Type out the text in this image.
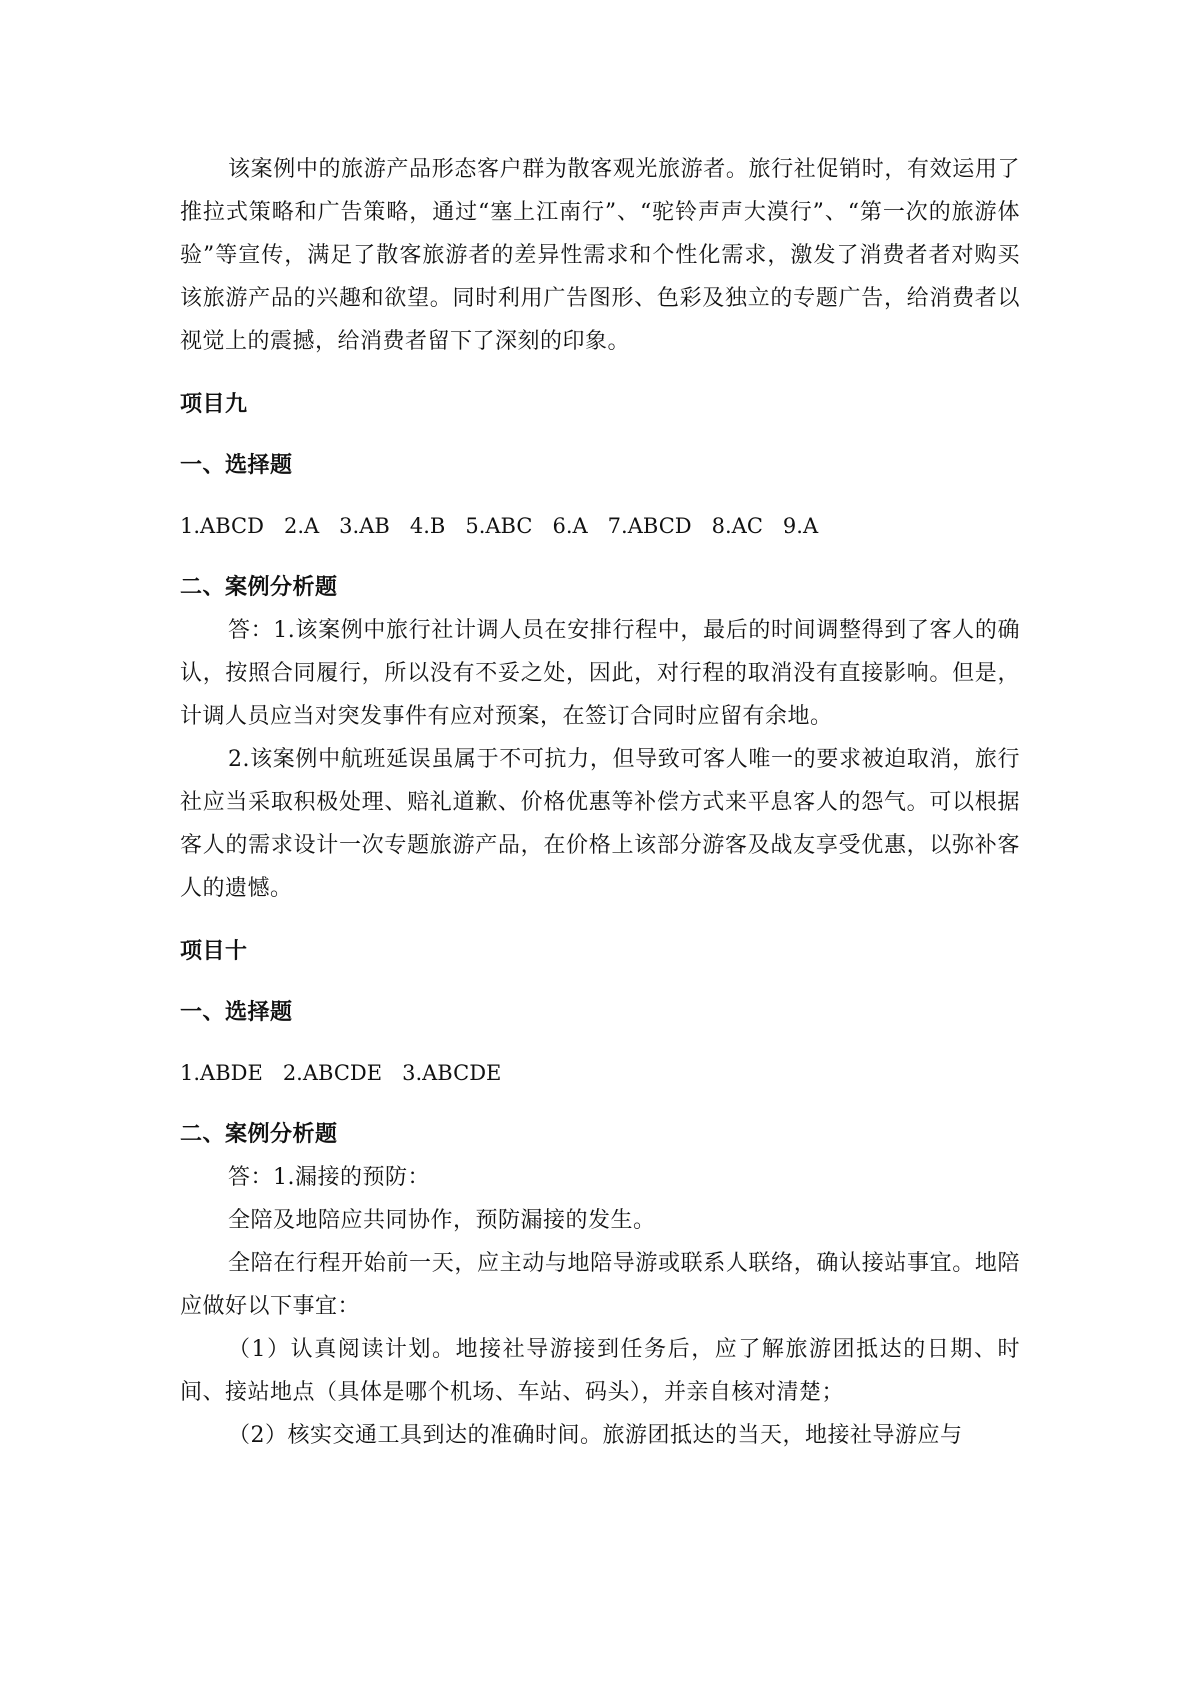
该案例中的旅游产品形态客户群为散客观光旅游者。旅行社促销时，有效运用了推拉式策略和广告策略，通过“塞上江南行”、“驼铃声声大漠行”、“第一次的旅游体验”等宣传，满足了散客旅游者的差异性需求和个性化需求，激发了消费者者对购买该旅游产品的兴趣和欲望。同时利用广告图形、色彩及独立的专题广告，给消费者以视觉上的震撼，给消费者留下了深刻的印象。

项目九

一、选择题

1.ABCD   2.A   3.AB   4.B   5.ABC   6.A   7.ABCD   8.AC   9.A

二、案例分析题

答：1.该案例中旅行社计调人员在安排行程中，最后的时间调整得到了客人的确认，按照合同履行，所以没有不妥之处，因此，对行程的取消没有直接影响。但是，计调人员应当对突发事件有应对预案，在签订合同时应留有余地。

2.该案例中航班延误虽属于不可抗力，但导致可客人唯一的要求被迫取消，旅行社应当采取积极处理、赔礼道歉、价格优惠等补偿方式来平息客人的怨气。可以根据客人的需求设计一次专题旅游产品，在价格上该部分游客及战友享受优惠，以弥补客人的遗憾。

项目十

一、选择题

1.ABDE   2.ABCDE   3.ABCDE

二、案例分析题

答：1.漏接的预防：

全陪及地陪应共同协作，预防漏接的发生。

全陪在行程开始前一天，应主动与地陪导游或联系人联络，确认接站事宜。地陪应做好以下事宜：

（1）认真阅读计划。地接社导游接到任务后，应了解旅游团抵达的日期、时间、接站地点（具体是哪个机场、车站、码头），并亲自核对清楚；

（2）核实交通工具到达的准确时间。旅游团抵达的当天，地接社导游应与
